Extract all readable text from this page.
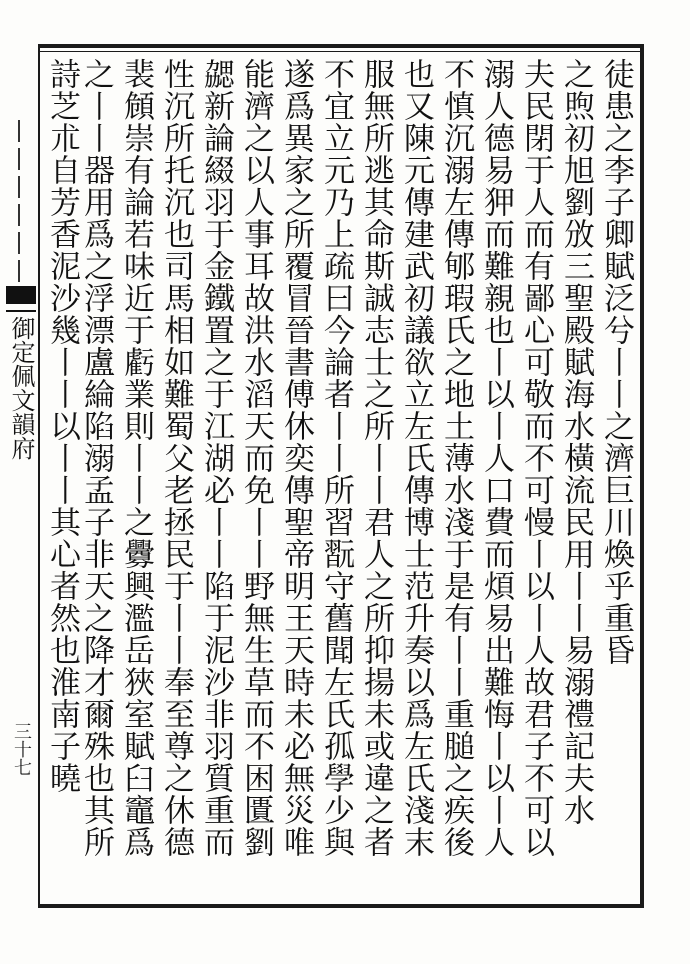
御定佩文韻府
三十七
徒患之李子卿賦泛兮丨丨之濟巨川煥乎重昏
之煦初旭劉攽三聖殿賦海水橫流民用丨丨易溺禮記夫水
夫民閉于人而有鄙心可敬而不可慢丨以丨人故君子不可以
溺人德易狎而難親也丨以丨人口費而煩易出難悔丨以丨人
不慎沉溺左傳郇瑕氏之地土薄水淺于是有丨丨重膇之疾後
也又陳元傳建武初議欲立左氏傳博士范升奏以爲左氏淺末
服無所逃其命斯誠志士之所丨丨君人之所抑揚未或違之者
不宜立元乃上疏曰今論者丨丨所習翫守舊聞左氏孤學少與
遂爲異家之所覆冒晉書傅休奕傳聖帝明王天時未必無災唯
能濟之以人事耳故洪水滔天而免丨丨野無生草而不困匱劉
勰新論綴羽于金鐵置之于江湖必丨丨陷于泥沙非羽質重而
性沉所托沉也司馬相如難蜀父老拯民于丨丨奉至尊之休德
裴頠崇有論若味近于虧業則丨丨之釁興濫岳狹室賦臼竈爲
之丨丨器用爲之浮漂盧綸陷溺孟子非天之降才爾殊也其所
詩芝朮自芳香泥沙幾丨丨以丨丨其心者然也淮南子曉
